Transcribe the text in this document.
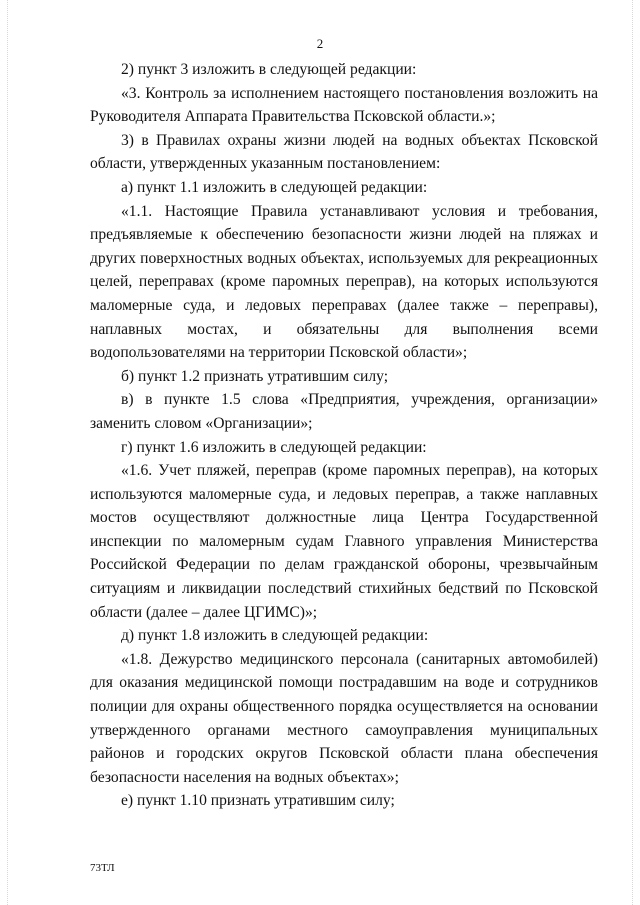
2

2) пункт 3 изложить в следующей редакции:

«3. Контроль за исполнением настоящего постановления возложить на Руководителя Аппарата Правительства Псковской области.»;

3) в Правилах охраны жизни людей на водных объектах Псковской области, утвержденных указанным постановлением:

а) пункт 1.1 изложить в следующей редакции:

«1.1. Настоящие Правила устанавливают условия и требования, предъявляемые к обеспечению безопасности жизни людей на пляжах и других поверхностных водных объектах, используемых для рекреационных целей, переправах (кроме паромных переправ), на которых используются маломерные суда, и ледовых переправах (далее также – переправы), наплавных мостах, и обязательны для выполнения всеми водопользователями на территории Псковской области»;

б) пункт 1.2 признать утратившим силу;

в) в пункте 1.5 слова «Предприятия, учреждения, организации» заменить словом «Организации»;

г) пункт 1.6 изложить в следующей редакции:

«1.6. Учет пляжей, переправ (кроме паромных переправ), на которых используются маломерные суда, и ледовых переправ, а также наплавных мостов осуществляют должностные лица Центра Государственной инспекции по маломерным судам Главного управления Министерства Российской Федерации по делам гражданской обороны, чрезвычайным ситуациям и ликвидации последствий стихийных бедствий по Псковской области (далее – далее ЦГИМС)»;

д) пункт 1.8 изложить в следующей редакции:

«1.8. Дежурство медицинского персонала (санитарных автомобилей) для оказания медицинской помощи пострадавшим на воде и сотрудников полиции для охраны общественного порядка осуществляется на основании утвержденного органами местного самоуправления муниципальных районов и городских округов Псковской области плана обеспечения безопасности населения на водных объектах»;

е) пункт 1.10 признать утратившим силу;

73ТЛ
